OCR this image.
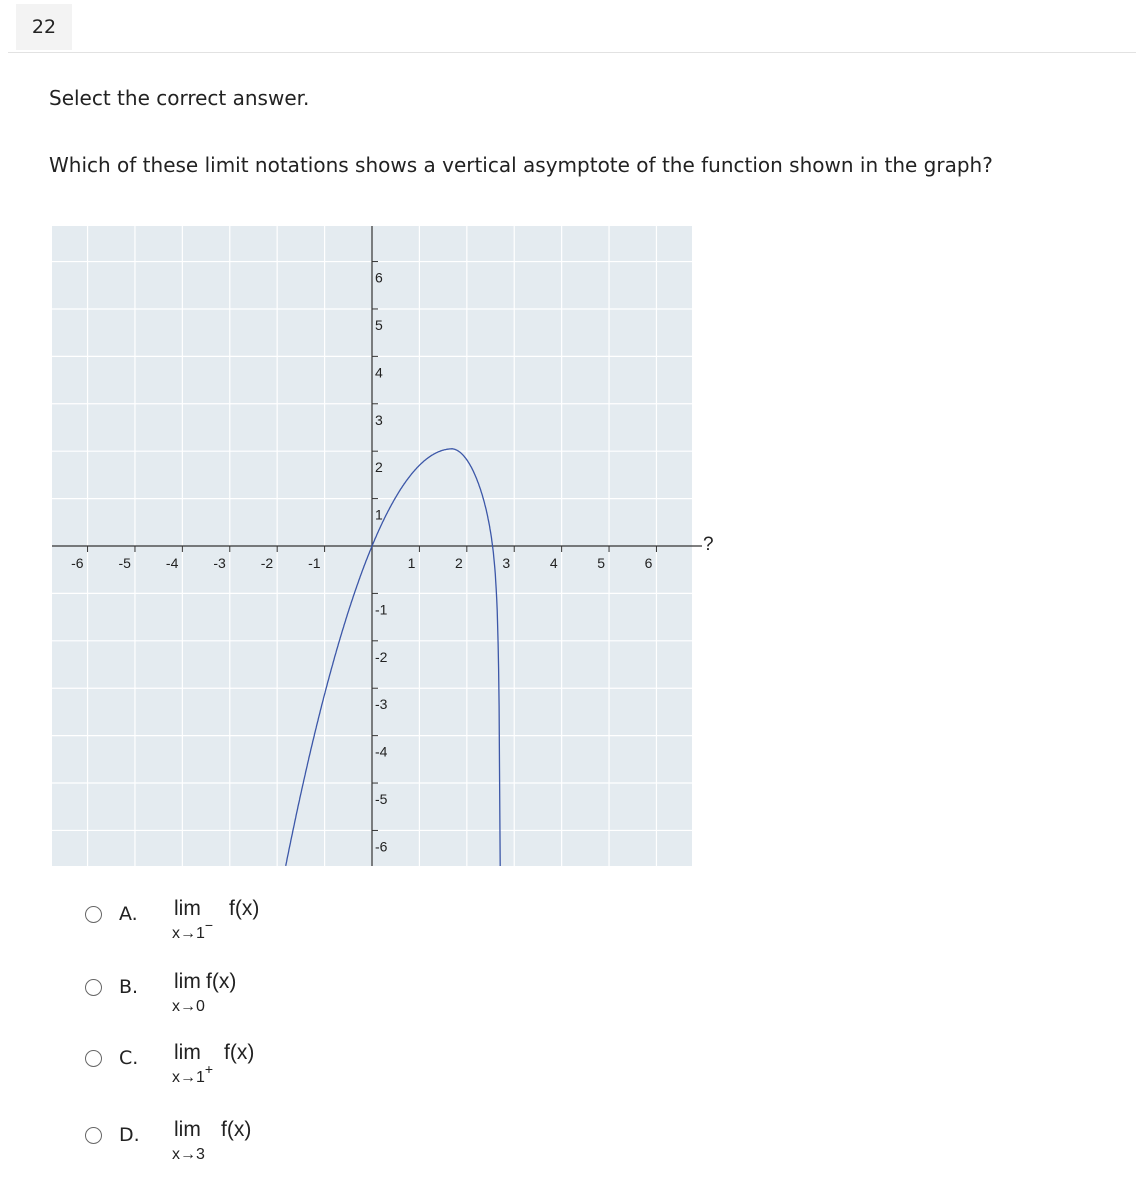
22
Select the correct answer.
Which of these limit notations shows a vertical asymptote of the function shown in the graph?
-6 -5 -4 -3 -2 -1	1	2	3	4	5	6
6
5
4
3
2
1
-1
-2
-3
-4
-5
-6
?
A. lim f(x)
x→1−
B. lim f(x)
x→0
C. lim f(x)
x→1+
D. lim f(x)
x→3
